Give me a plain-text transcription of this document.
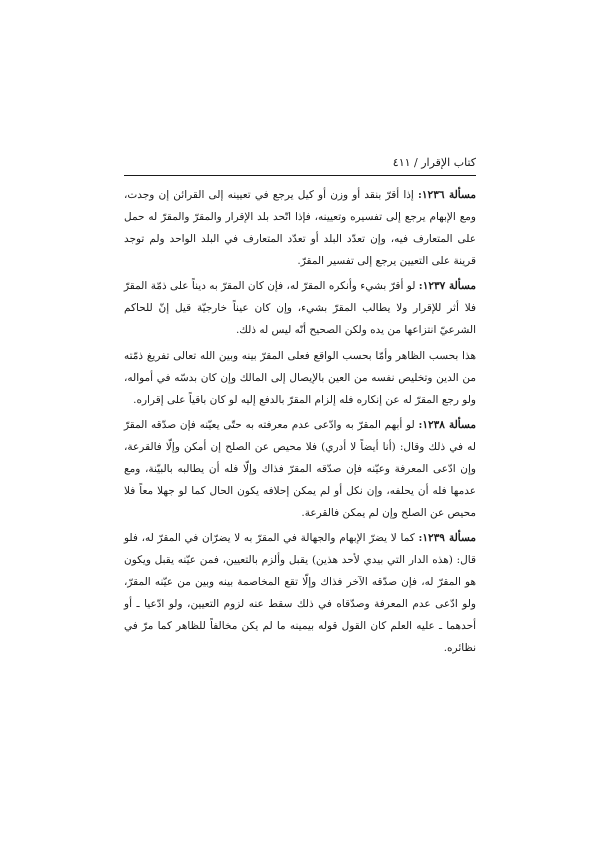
كتاب الإقرار / ٤١١

مسألة ١٢٣٦: إذا أقرّ بنقد أو وزن أو كيل يرجع في تعيينه إلى القرائن إن وجدت، ومع الإبهام يرجع إلى تفسيره وتعيينه، فإذا اتّحد بلد الإقرار والمقرّ والمقرّ له حمل على المتعارف فيه، وإن تعدّد البلد أو تعدّد المتعارف في البلد الواحد ولم توجد قرينة على التعيين يرجع إلى تفسير المقرّ.

مسألة ١٢٣٧: لو أقرّ بشيء وأنكره المقرّ له، فإن كان المقرّ به ديناً على ذمّة المقرّ فلا أثر للإقرار ولا يطالب المقرّ بشيء، وإن كان عيناً خارجيّة قيل إنّ للحاكم الشرعيّ انتزاعها من يده ولكن الصحيح أنّه ليس له ذلك.

هذا بحسب الظاهر وأمّا بحسب الواقع فعلى المقرّ بينه وبين الله تعالى تفريغ ذمّته من الدين وتخليص نفسه من العين بالإيصال إلى المالك وإن كان بدسّه في أمواله، ولو رجع المقرّ له عن إنكاره فله إلزام المقرّ بالدفع إليه لو كان باقياً على إقراره.

مسألة ١٢٣٨: لو أبهم المقرّ به وادّعى عدم معرفته به حتّى يعيّنه فإن صدّقه المقرّ له في ذلك وقال: (أنا أيضاً لا أدري) فلا محيص عن الصلح إن أمكن وإلّا فالقرعة، وإن ادّعى المعرفة وعيّنه فإن صدّقه المقرّ فذاك وإلّا فله أن يطالبه بالبيّنة، ومع عدمها فله أن يحلفه، وإن نكل أو لم يمكن إحلافه يكون الحال كما لو جهلا معاً فلا محيص عن الصلح وإن لم يمكن فالقرعة.

مسألة ١٢٣٩: كما لا يضرّ الإبهام والجهالة في المقرّ به لا يضرّان في المقرّ له، فلو قال: (هذه الدار التي بيدي لأحد هذين) يقبل وألزم بالتعيين، فمن عيّنه يقبل ويكون هو المقرّ له، فإن صدّقه الآخر فذاك وإلّا تقع المخاصمة بينه وبين من عيّنه المقرّ، ولو ادّعى عدم المعرفة وصدّقاه في ذلك سقط عنه لزوم التعيين، ولو ادّعيا ـ أو أحدهما ـ عليه العلم كان القول قوله بيمينه ما لم يكن مخالفاً للظاهر كما مرّ في نظائره.
